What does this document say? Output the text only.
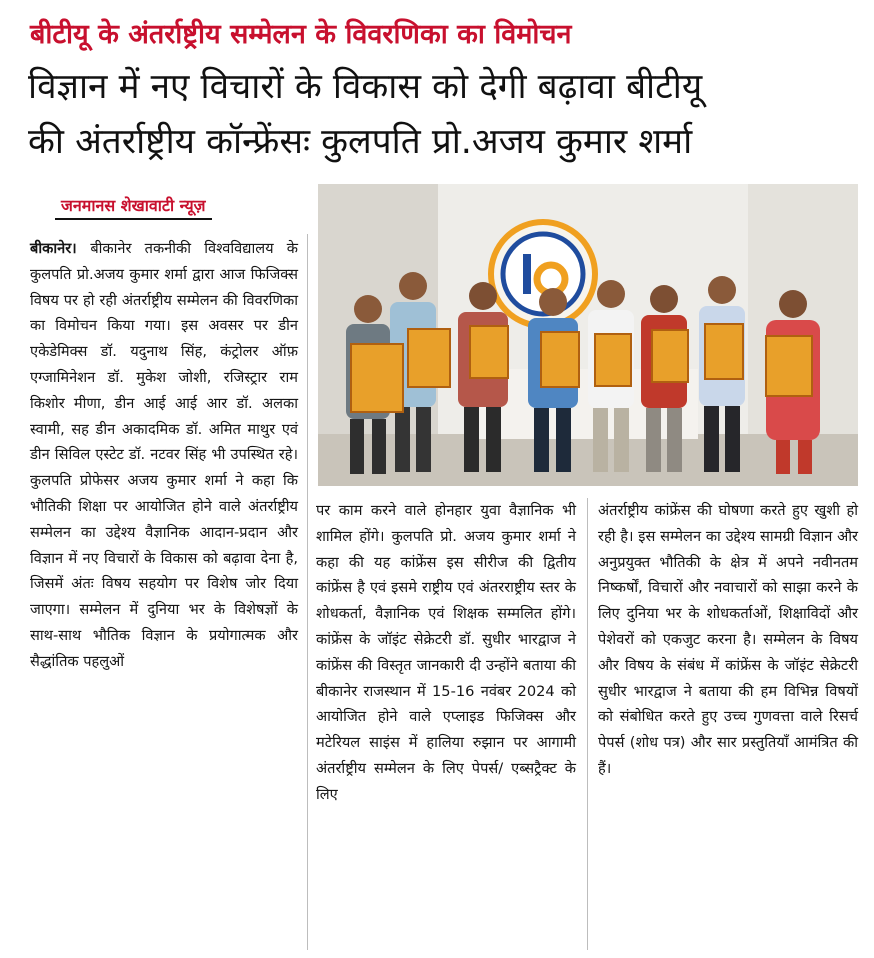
बीटीयू के अंतर्राष्ट्रीय सम्मेलन के विवरणिका का विमोचन
विज्ञान में नए विचारों के विकास को देगी बढ़ावा बीटीयू
की अंतर्राष्ट्रीय कॉन्फ्रेंसः कुलपति प्रो.अजय कुमार शर्मा
जनमानस शेखावाटी न्यूज़
बीकानेर। बीकानेर तकनीकी विश्वविद्यालय के कुलपति प्रो.अजय कुमार शर्मा द्वारा आज फिजिक्स विषय पर हो रही अंतर्राष्ट्रीय सम्मेलन की विवरणिका का विमोचन किया गया। इस अवसर पर डीन एकेडेमिक्स डॉ. यदुनाथ सिंह, कंट्रोलर ऑफ़ एग्जामिनेशन डॉ. मुकेश जोशी, रजिस्ट्रार राम किशोर मीणा, डीन आई आई आर डॉ. अलका स्वामी, सह डीन अकादमिक डॉ. अमित माथुर एवं डीन सिविल एस्टेट डॉ. नटवर सिंह भी उपस्थित रहे। कुलपति प्रोफेसर अजय कुमार शर्मा ने कहा कि भौतिकी शिक्षा पर आयोजित होने वाले अंतर्राष्ट्रीय सम्मेलन का उद्देश्य वैज्ञानिक आदान-प्रदान और विज्ञान में नए विचारों के विकास को बढ़ावा देना है, जिसमें अंतः विषय सहयोग पर विशेष जोर दिया जाएगा। सम्मेलन में दुनिया भर के विशेषज्ञों के साथ-साथ भौतिक विज्ञान के प्रयोगात्मक और सैद्धांतिक पहलुओं
पर काम करने वाले होनहार युवा वैज्ञानिक भी शामिल होंगे। कुलपति प्रो. अजय कुमार शर्मा ने कहा की यह कांफ्रेंस इस सीरीज की द्वितीय कांफ्रेंस है एवं इसमे राष्ट्रीय एवं अंतरराष्ट्रीय स्तर के शोधकर्ता, वैज्ञानिक एवं शिक्षक सम्मलित होंगे।कांफ्रेंस के जॉइंट सेक्रेटरी डॉ. सुधीर भारद्वाज ने कांफ्रेंस की विस्तृत जानकारी दी उन्होंने बताया की बीकानेर राजस्थान में 15-16 नवंबर 2024 को आयोजित होने वाले एप्लाइड फिजिक्स और मटेरियल साइंस में हालिया रुझान पर आगामी अंतर्राष्ट्रीय सम्मेलन के लिए पेपर्स/ एब्सट्रैक्ट के लिए
अंतर्राष्ट्रीय कांफ्रेंस की घोषणा करते हुए खुशी हो रही है। इस सम्मेलन का उद्देश्य सामग्री विज्ञान और अनुप्रयुक्त भौतिकी के क्षेत्र में अपने नवीनतम निष्कर्षों, विचारों और नवाचारों को साझा करने के लिए दुनिया भर के शोधकर्ताओं, शिक्षाविदों और पेशेवरों को एकजुट करना है। सम्मेलन के विषय और विषय के संबंध में कांफ्रेंस के जॉइंट सेक्रेटरी सुधीर भारद्वाज ने बताया की हम विभिन्न विषयों को संबोधित करते हुए उच्च गुणवत्ता वाले रिसर्च पेपर्स (शोध पत्र) और सार प्रस्तुतियाँ आमंत्रित की हैं।
